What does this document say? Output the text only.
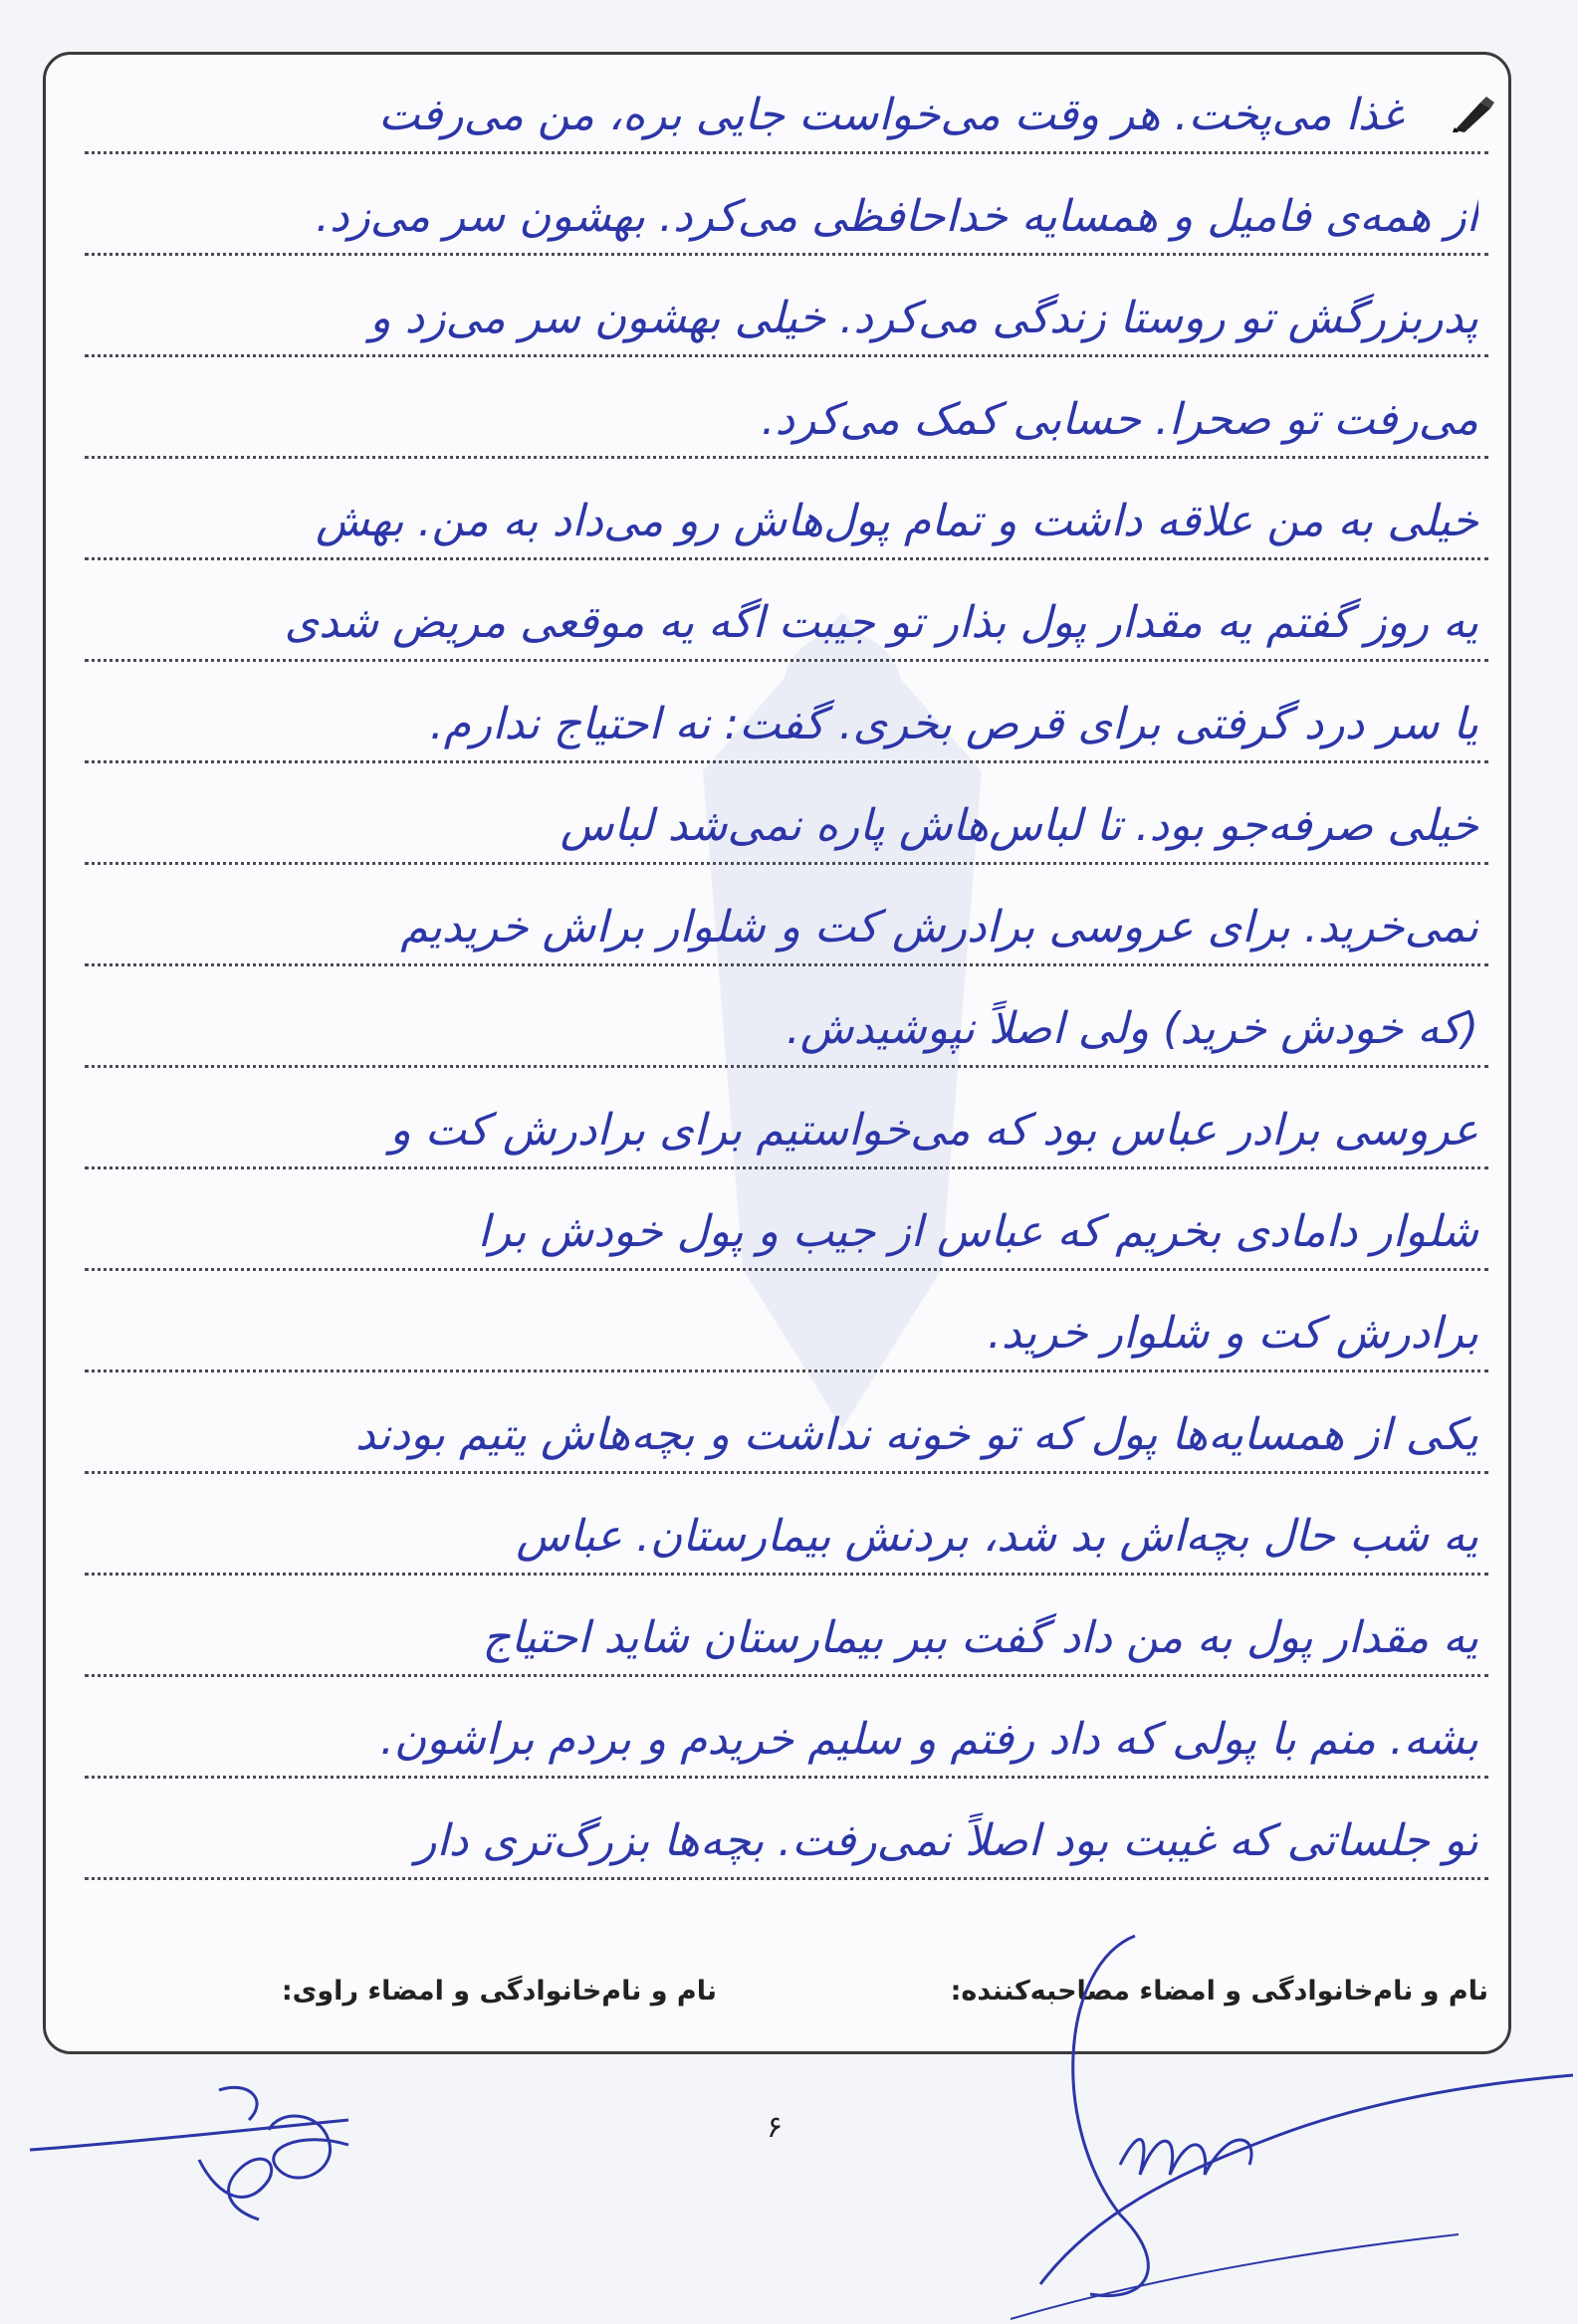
غذا می‌پخت. هر وقت می‌خواست جایی بره، من می‌رفت
از همه‌ی فامیل و همسایه خداحافظی می‌کرد. بهشون سر می‌زد.
پدربزرگش تو روستا زندگی می‌کرد. خیلی بهشون سر می‌زد و
می‌رفت تو صحرا. حسابی کمک می‌کرد.
خیلی به من علاقه داشت و تمام پول‌هاش رو می‌داد به من. بهش
یه روز گفتم یه مقدار پول بذار تو جیبت اگه یه موقعی مریض شدی
یا سر درد گرفتی برای قرص بخری. گفت: نه احتیاج ندارم.
خیلی صرفه‌جو بود. تا لباس‌هاش پاره نمی‌شد لباس
نمی‌خرید. برای عروسی برادرش کت و شلوار براش خریدیم
(که خودش خرید) ولی اصلاً نپوشیدش.
عروسی برادر عباس بود که می‌خواستیم برای برادرش کت و
شلوار دامادی بخریم که عباس از جیب و پول خودش برا
برادرش کت و شلوار خرید.
یکی از همسایه‌ها پول که تو خونه نداشت و بچه‌هاش یتیم بودند
یه شب حال بچه‌اش بد شد، بردنش بیمارستان. عباس
یه مقدار پول به من داد گفت ببر بیمارستان شاید احتیاج
بشه. منم با پولی که داد رفتم و سلیم خریدم و بردم براشون.
تو جلساتی که غیبت بود اصلاً نمی‌رفت. بچه‌ها بزرگ‌تری دار
نام و نام‌خانوادگی و امضاء مصاحبه‌کننده:
نام و نام‌خانوادگی و امضاء راوی:
۶
